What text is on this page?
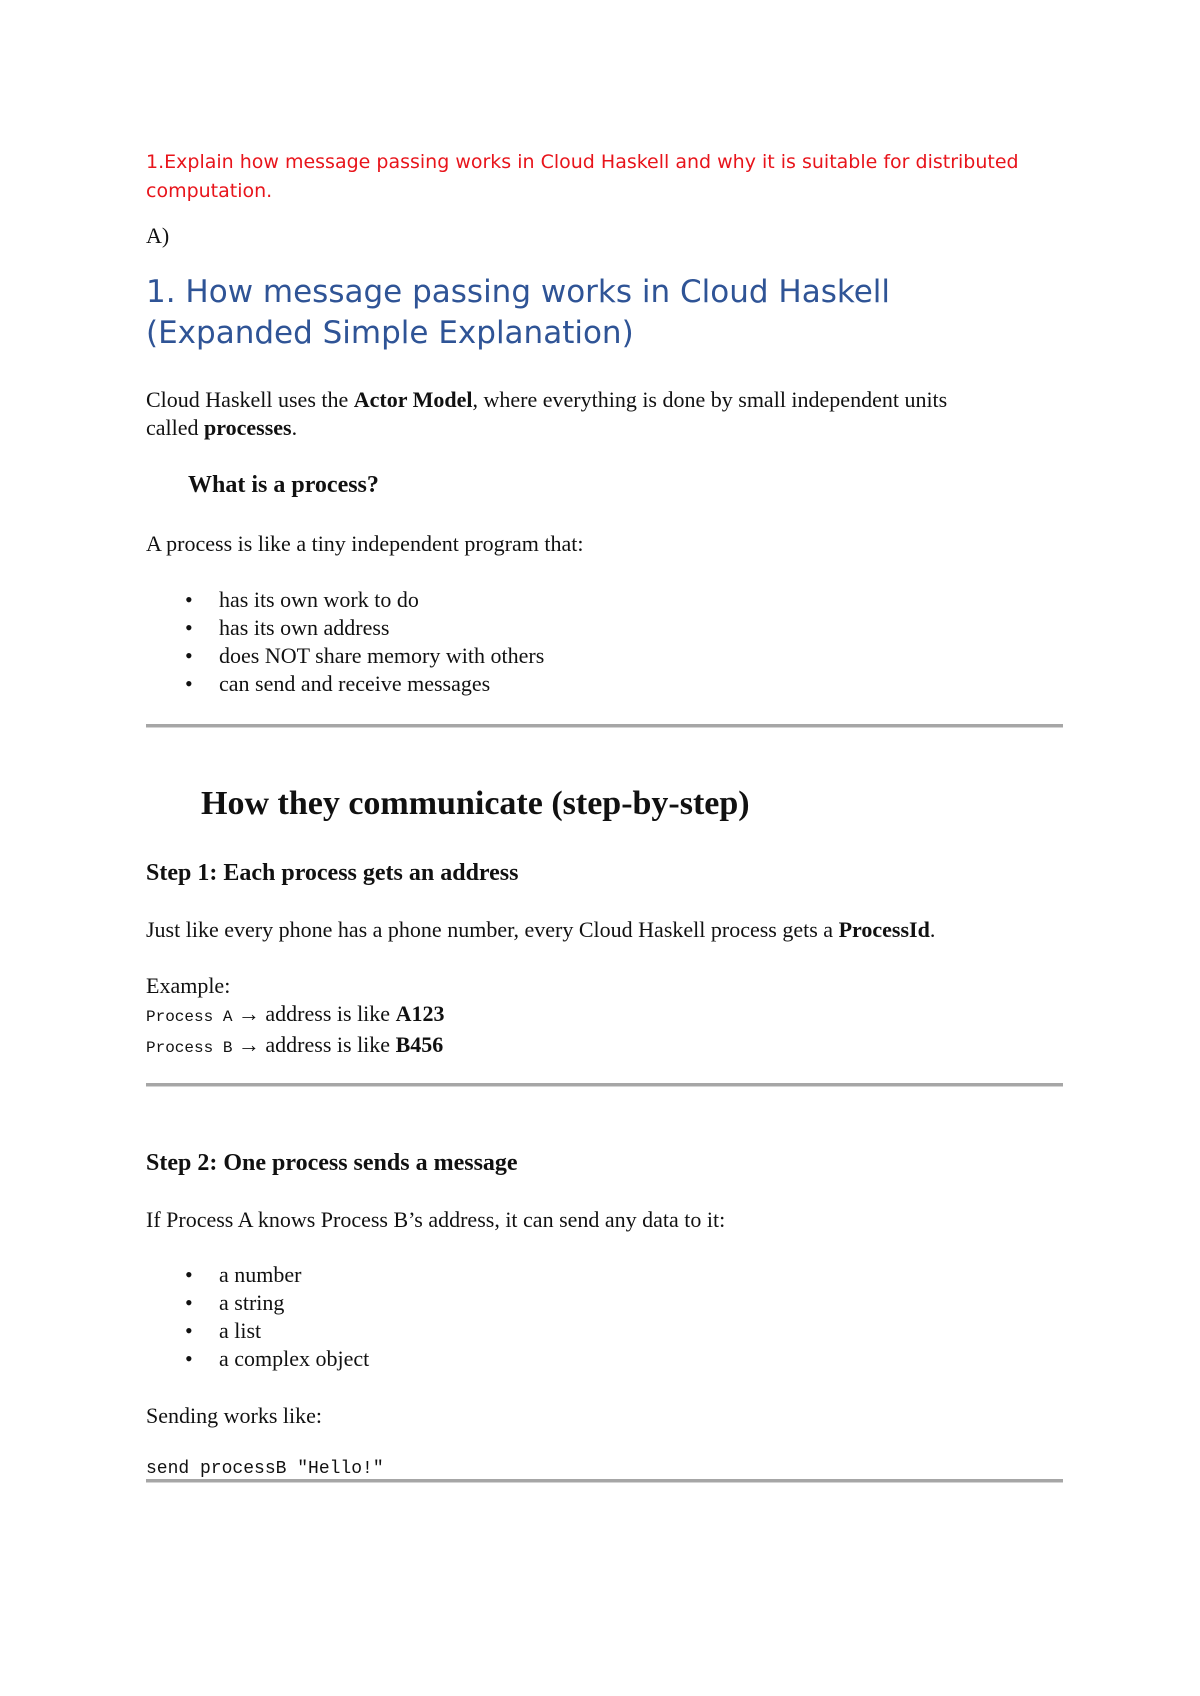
1.Explain how message passing works in Cloud Haskell and why it is suitable for distributed computation.

A)

1. How message passing works in Cloud Haskell
(Expanded Simple Explanation)

Cloud Haskell uses the Actor Model, where everything is done by small independent units
called processes.

What is a process?

A process is like a tiny independent program that:

• has its own work to do
• has its own address
• does NOT share memory with others
• can send and receive messages
How they communicate (step-by-step)
Step 1: Each process gets an address

Just like every phone has a phone number, every Cloud Haskell process gets a ProcessId.

Example:
Process A → address is like A123
Process B → address is like B456
Step 2: One process sends a message

If Process A knows Process B’s address, it can send any data to it:

• a number
• a string
• a list
• a complex object

Sending works like:

send processB "Hello!"
